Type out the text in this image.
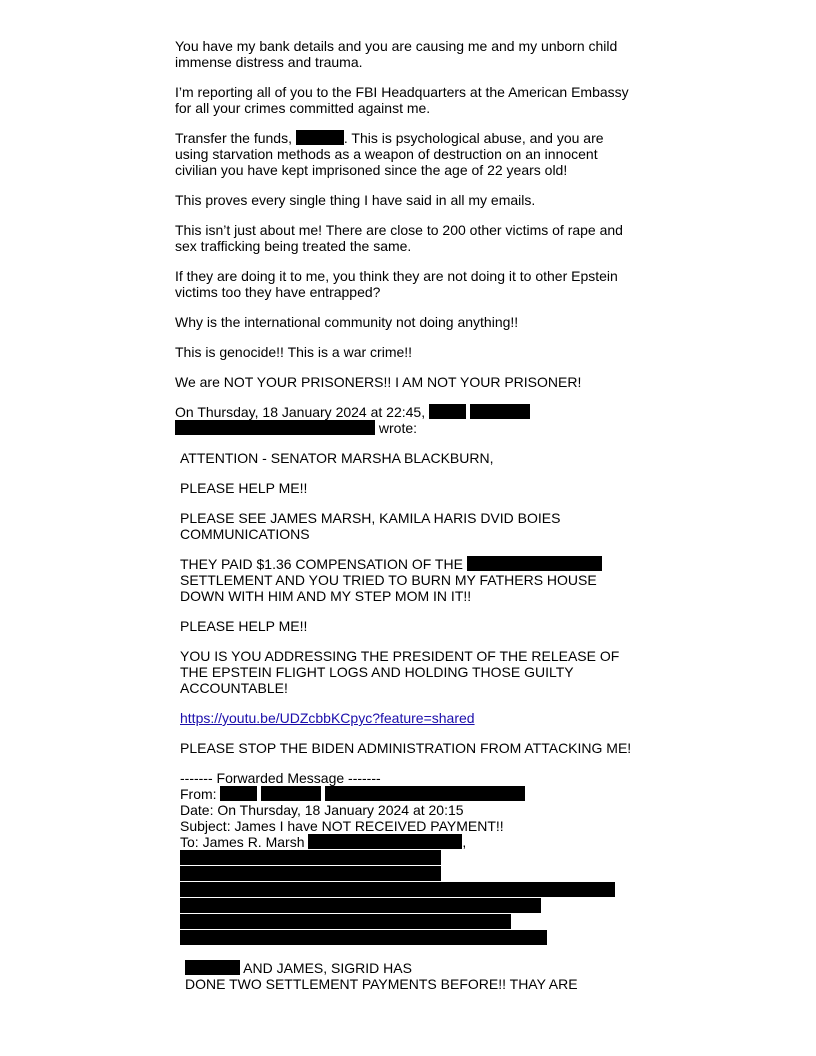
You have my bank details and you are causing me and my unborn child
immense distress and trauma.
I’m reporting all of you to the FBI Headquarters at the American Embassy
for all your crimes committed against me.
Transfer the funds,	. This is psychological abuse, and you are
using starvation methods as a weapon of destruction on an innocent
civilian you have kept imprisoned since the age of 22 years old!
This proves every single thing I have said in all my emails.
This isn’t just about me! There are close to 200 other victims of rape and
sex trafficking being treated the same.
If they are doing it to me, you think they are not doing it to other Epstein
victims too they have entrapped?
Why is the international community not doing anything!!
This is genocide!! This is a war crime!!
We are NOT YOUR PRISONERS!! I AM NOT YOUR PRISONER!
On Thursday, 18 January 2024 at 22:45,
wrote:
ATTENTION - SENATOR MARSHA BLACKBURN,
PLEASE HELP ME!!
PLEASE SEE JAMES MARSH, KAMILA HARIS DVID BOIES
COMMUNICATIONS
THEY PAID $1.36 COMPENSATION OF THE
SETTLEMENT AND YOU TRIED TO BURN MY FATHERS HOUSE
DOWN WITH HIM AND MY STEP MOM IN IT!!
PLEASE HELP ME!!
YOU IS YOU ADDRESSING THE PRESIDENT OF THE RELEASE OF
THE EPSTEIN FLIGHT LOGS AND HOLDING THOSE GUILTY
ACCOUNTABLE!
https://youtu.be/UDZcbbKCpyc?feature=shared
PLEASE STOP THE BIDEN ADMINISTRATION FROM ATTACKING ME!
------- Forwarded Message -------
From:
Date: On Thursday, 18 January 2024 at 20:15
Subject: James I have NOT RECEIVED PAYMENT!!
To: James R. Marsh	,
AND JAMES, SIGRID HAS
DONE TWO SETTLEMENT PAYMENTS BEFORE!! THAY ARE
